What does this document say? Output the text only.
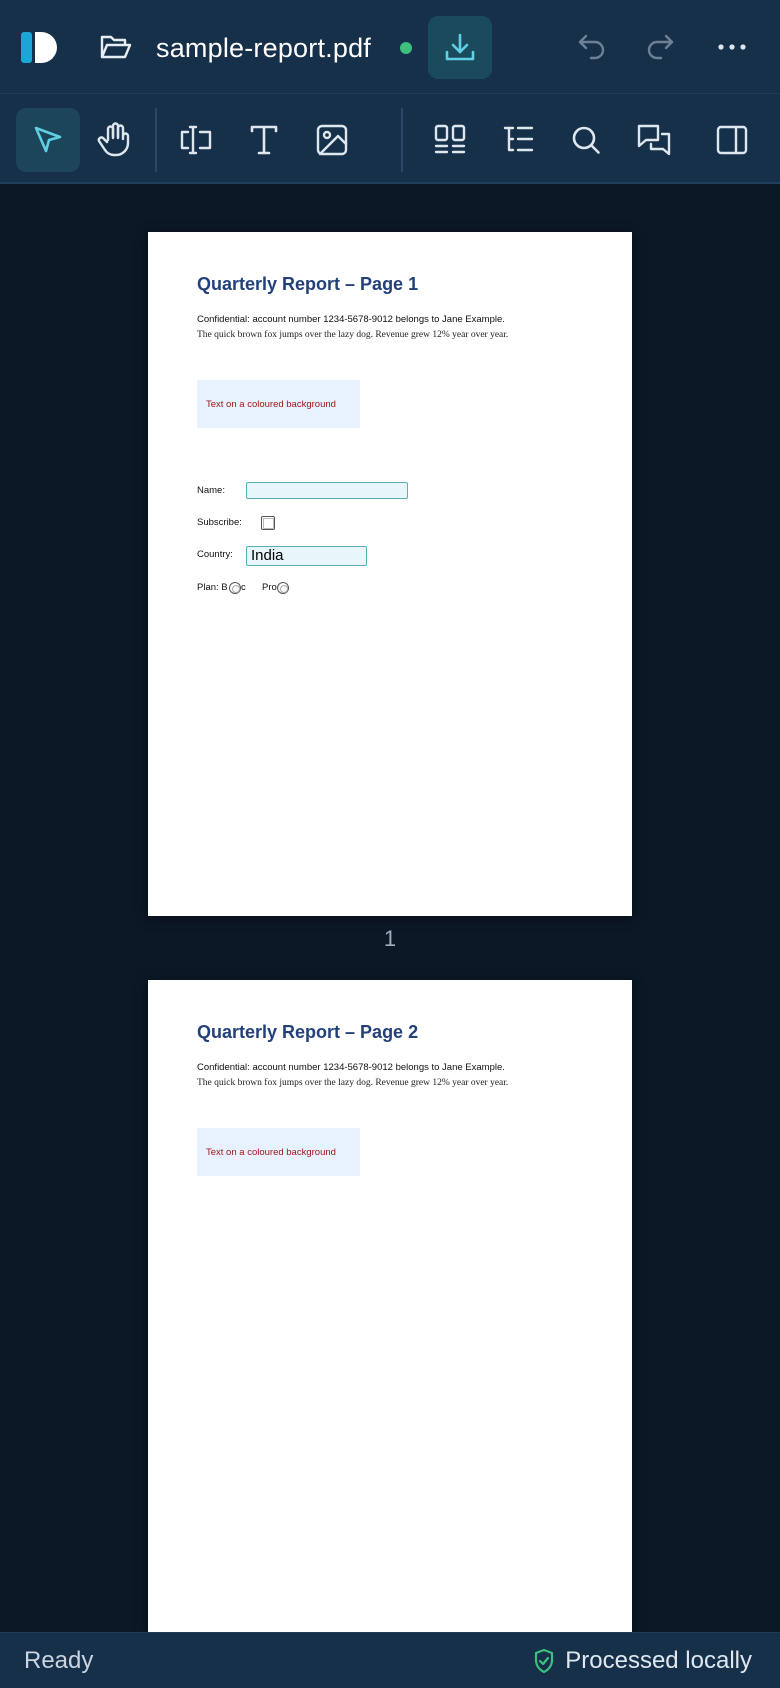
sample-report.pdf
Quarterly Report – Page 1
Confidential: account number 1234-5678-9012 belongs to Jane Example.
The quick brown fox jumps over the lazy dog. Revenue grew 12% year over year.
Text on a coloured background
Name:
Subscribe:
Country:	India
Plan: B c Pro
1
Quarterly Report – Page 2
Confidential: account number 1234-5678-9012 belongs to Jane Example.
The quick brown fox jumps over the lazy dog. Revenue grew 12% year over year.
Text on a coloured background
Ready	Processed locally
